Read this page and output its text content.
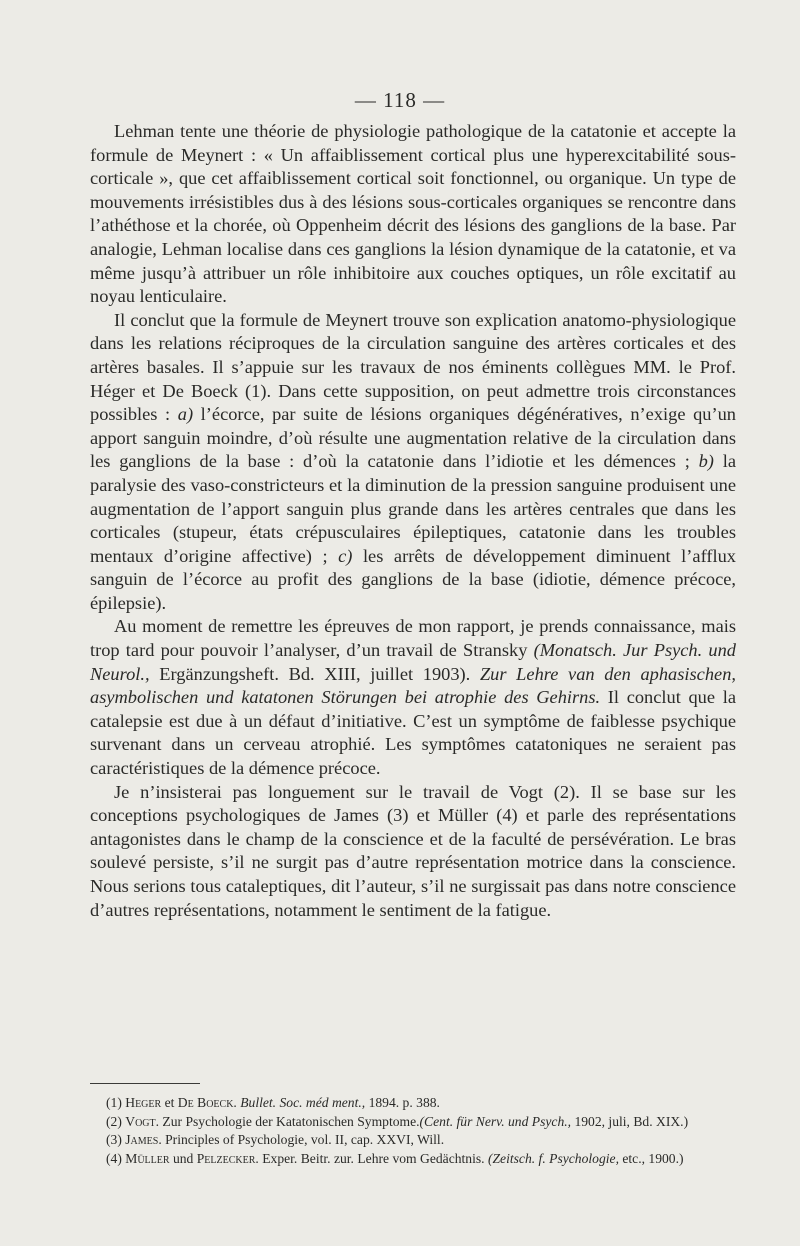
— 118 —

Lehman tente une théorie de physiologie pathologique de la catatonie et accepte la formule de Meynert : « Un affaiblissement cortical plus une hyperexcitabilité sous-corticale », que cet affaiblissement cortical soit fonctionnel, ou organique. Un type de mouvements irrésistibles dus à des lésions sous-corticales organiques se rencontre dans l’athéthose et la chorée, où Oppenheim décrit des lésions des ganglions de la base. Par analogie, Lehman localise dans ces ganglions la lésion dynamique de la catatonie, et va même jusqu’à attribuer un rôle inhibitoire aux couches optiques, un rôle excitatif au noyau lenticulaire.

Il conclut que la formule de Meynert trouve son explication anatomo-physiologique dans les relations réciproques de la circulation sanguine des artères corticales et des artères basales. Il s’appuie sur les travaux de nos éminents collègues MM. le Prof. Héger et De Boeck (1). Dans cette supposition, on peut admettre trois circonstances possibles : a) l’écorce, par suite de lésions organiques dégénératives, n’exige qu’un apport sanguin moindre, d’où résulte une augmentation relative de la circulation dans les ganglions de la base : d’où la catatonie dans l’idiotie et les démences ; b) la paralysie des vaso-constricteurs et la diminution de la pression sanguine produisent une augmentation de l’apport sanguin plus grande dans les artères centrales que dans les corticales (stupeur, états crépusculaires épileptiques, catatonie dans les troubles mentaux d’origine affective) ; c) les arrêts de développement diminuent l’afflux sanguin de l’écorce au profit des ganglions de la base (idiotie, démence précoce, épilepsie).

Au moment de remettre les épreuves de mon rapport, je prends connaissance, mais trop tard pour pouvoir l’analyser, d’un travail de Stransky (Monatsch. Jur Psych. und Neurol., Ergänzungsheft. Bd. XIII, juillet 1903). Zur Lehre van den aphasischen, asymbolischen und katatonen Störungen bei atrophie des Gehirns. Il conclut que la catalepsie est due à un défaut d’initiative. C’est un symptôme de faiblesse psychique survenant dans un cerveau atrophié. Les symptômes catatoniques ne seraient pas caractéristiques de la démence précoce.

Je n’insisterai pas longuement sur le travail de Vogt (2). Il se base sur les conceptions psychologiques de James (3) et Müller (4) et parle des représentations antagonistes dans le champ de la conscience et de la faculté de persévération. Le bras soulevé persiste, s’il ne surgit pas d’autre représentation motrice dans la conscience. Nous serions tous cataleptiques, dit l’auteur, s’il ne surgissait pas dans notre conscience d’autres représentations, notamment le sentiment de la fatigue.

(1) Heger et De Boeck. Bullet. Soc. méd ment., 1894. p. 388.

(2) Vogt. Zur Psychologie der Katatonischen Symptome.(Cent. für Nerv. und Psych., 1902, juli, Bd. XIX.)

(3) James. Principles of Psychologie, vol. II, cap. XXVI, Will.

(4) Müller und Pelzecker. Exper. Beitr. zur. Lehre vom Gedächtnis. (Zeitsch. f. Psychologie, etc., 1900.)
